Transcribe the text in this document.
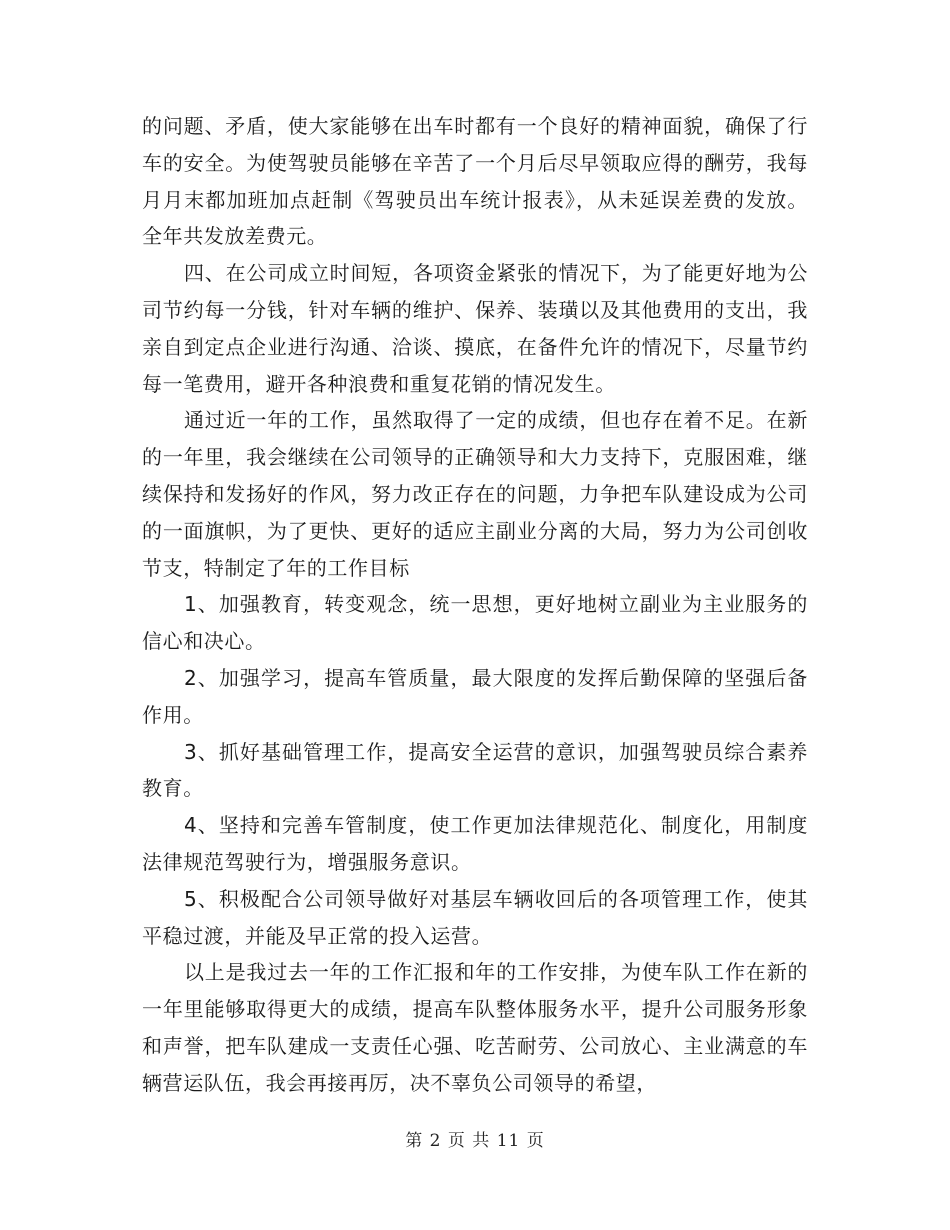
的问题、矛盾，使大家能够在出车时都有一个良好的精神面貌，确保了行车的安全。为使驾驶员能够在辛苦了一个月后尽早领取应得的酬劳，我每月月末都加班加点赶制《驾驶员出车统计报表》，从未延误差费的发放。全年共发放差费元。

四、在公司成立时间短，各项资金紧张的情况下，为了能更好地为公司节约每一分钱，针对车辆的维护、保养、装璜以及其他费用的支出，我亲自到定点企业进行沟通、洽谈、摸底，在备件允许的情况下，尽量节约每一笔费用，避开各种浪费和重复花销的情况发生。

通过近一年的工作，虽然取得了一定的成绩，但也存在着不足。在新的一年里，我会继续在公司领导的正确领导和大力支持下，克服困难，继续保持和发扬好的作风，努力改正存在的问题，力争把车队建设成为公司的一面旗帜，为了更快、更好的适应主副业分离的大局，努力为公司创收节支，特制定了年的工作目标

1、加强教育，转变观念，统一思想，更好地树立副业为主业服务的信心和决心。

2、加强学习，提高车管质量，最大限度的发挥后勤保障的坚强后备作用。

3、抓好基础管理工作，提高安全运营的意识，加强驾驶员综合素养教育。

4、坚持和完善车管制度，使工作更加法律规范化、制度化，用制度法律规范驾驶行为，增强服务意识。

5、积极配合公司领导做好对基层车辆收回后的各项管理工作，使其平稳过渡，并能及早正常的投入运营。

以上是我过去一年的工作汇报和年的工作安排，为使车队工作在新的一年里能够取得更大的成绩，提高车队整体服务水平，提升公司服务形象和声誉，把车队建成一支责任心强、吃苦耐劳、公司放心、主业满意的车辆营运队伍，我会再接再厉，决不辜负公司领导的希望，

第 2 页 共 11 页
